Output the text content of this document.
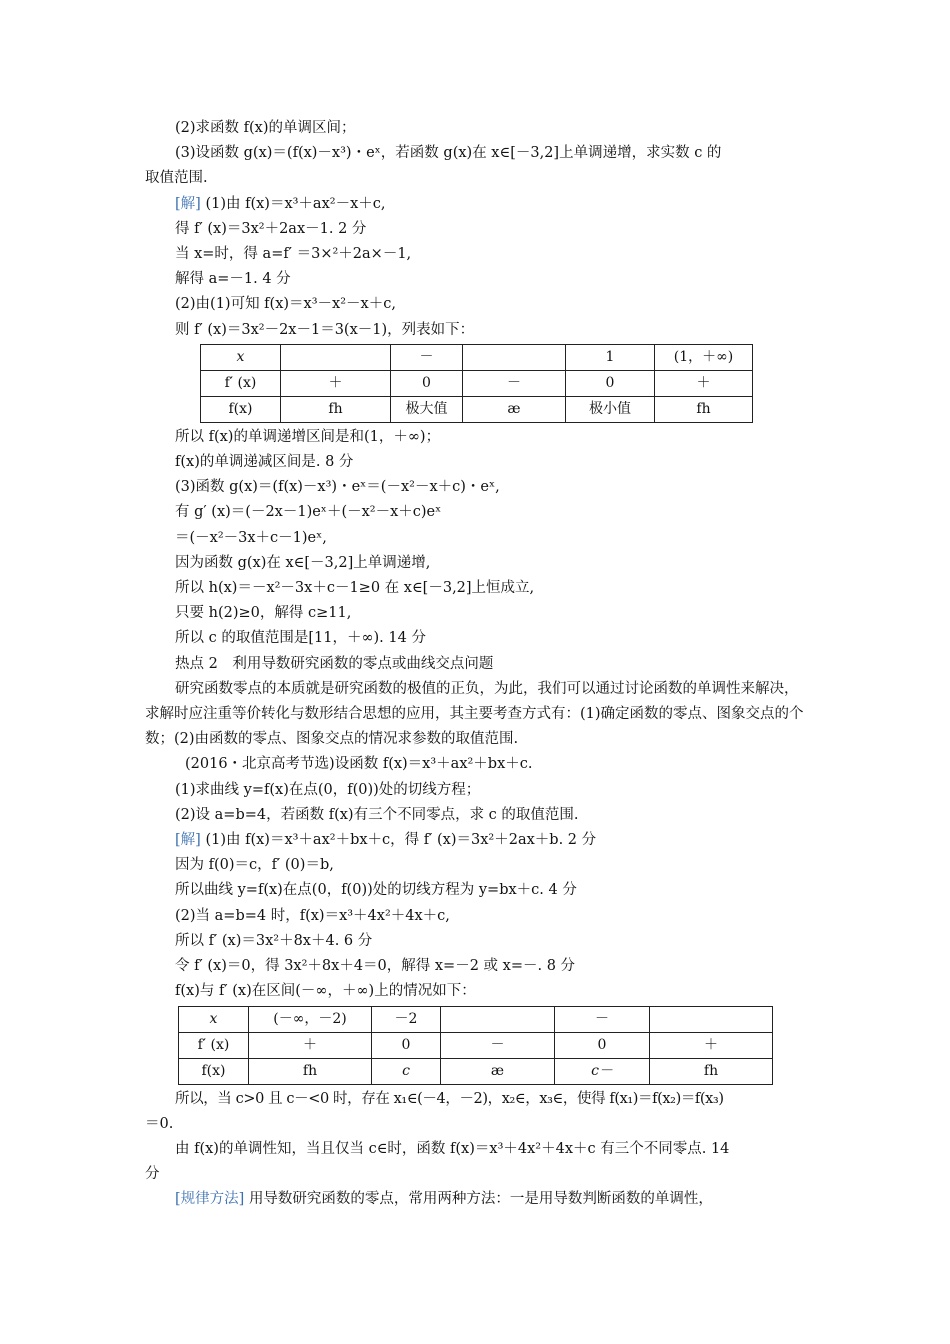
(2)求函数 f(x)的单调区间；
(3)设函数 g(x)＝(f(x)－x³)・eˣ，若函数 g(x)在 x∈[－3,2]上单调递增，求实数 c 的
取值范围.
[解] (1)由 f(x)＝x³＋ax²－x＋c,
得 f′ (x)＝3x²＋2ax－1. 2 分
当 x=时，得 a=f′ ＝3×²＋2a×－1,
解得 a=－1. 4 分
(2)由(1)可知 f(x)＝x³－x²－x＋c,
则 f′ (x)＝3x²－2x－1＝3(x－1)，列表如下：
x		－		1	(1，＋∞)
f′ (x)	＋	0	－	0	＋
f(x)	fh	极大值	æ	极小值	fh
所以 f(x)的单调递增区间是和(1，＋∞)；
f(x)的单调递减区间是. 8 分
(3)函数 g(x)＝(f(x)－x³)・eˣ＝(－x²－x＋c)・eˣ,
有 g′ (x)＝(－2x－1)eˣ＋(－x²－x＋c)eˣ
＝(－x²－3x＋c－1)eˣ,
因为函数 g(x)在 x∈[－3,2]上单调递增,
所以 h(x)＝－x²－3x＋c－1≥0 在 x∈[－3,2]上恒成立,
只要 h(2)≥0，解得 c≥11,
所以 c 的取值范围是[11，＋∞). 14 分
热点 2　利用导数研究函数的零点或曲线交点问题
研究函数零点的本质就是研究函数的极值的正负，为此，我们可以通过讨论函数的单调性来解决，求解时应注重等价转化与数形结合思想的应用，其主要考查方式有：(1)确定函数的零点、图象交点的个数；(2)由函数的零点、图象交点的情况求参数的取值范围.
(2016・北京高考节选)设函数 f(x)＝x³＋ax²＋bx＋c.
(1)求曲线 y=f(x)在点(0，f(0))处的切线方程；
(2)设 a=b=4，若函数 f(x)有三个不同零点，求 c 的取值范围.
[解] (1)由 f(x)＝x³＋ax²＋bx＋c，得 f′ (x)＝3x²＋2ax＋b. 2 分
因为 f(0)＝c，f′ (0)＝b,
所以曲线 y=f(x)在点(0，f(0))处的切线方程为 y=bx＋c. 4 分
(2)当 a=b=4 时，f(x)＝x³＋4x²＋4x＋c,
所以 f′ (x)＝3x²＋8x＋4. 6 分
令 f′ (x)＝0，得 3x²＋8x＋4＝0，解得 x=－2 或 x=－. 8 分
f(x)与 f′ (x)在区间(－∞，＋∞)上的情况如下：
x	(－∞，－2)	－2		－	
f′ (x)	＋	0	－	0	＋
f(x)	fh	c	æ	c－	fh
所以，当 c>0 且 c－<0 时，存在 x₁∈(－4，－2)，x₂∈，x₃∈，使得 f(x₁)＝f(x₂)＝f(x₃)
＝0.
由 f(x)的单调性知，当且仅当 c∈时，函数 f(x)＝x³＋4x²＋4x＋c 有三个不同零点. 14
分
[规律方法] 用导数研究函数的零点，常用两种方法：一是用导数判断函数的单调性，
